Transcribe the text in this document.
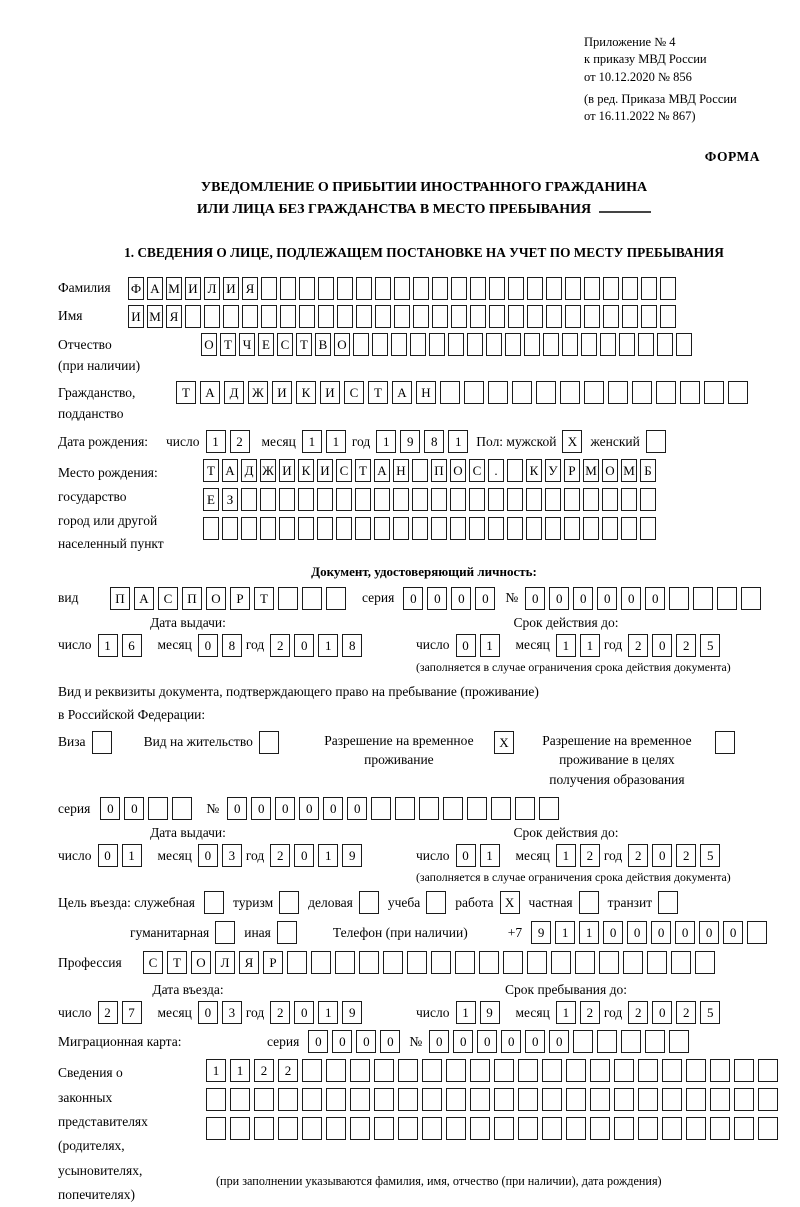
Приложение № 4
к приказу МВД России
от 10.12.2020 № 856
(в ред. Приказа МВД России
от 16.11.2022 № 867)
ФОРМА
УВЕДОМЛЕНИЕ О ПРИБЫТИИ ИНОСТРАННОГО ГРАЖДАНИНА
ИЛИ ЛИЦА БЕЗ ГРАЖДАНСТВА В МЕСТО ПРЕБЫВАНИЯ
1. СВЕДЕНИЯ О ЛИЦЕ, ПОДЛЕЖАЩЕМ ПОСТАНОВКЕ НА УЧЕТ ПО МЕСТУ ПРЕБЫВАНИЯ
Фамилия	Ф А М И Л И Я
Имя	И М Я
Отчество
(при наличии)
О Т Ч Е С Т В О
Гражданство,
подданство
Т	А	Д	Ж	И	К	И	С	Т	А	Н
Дата рождения:	число 1	2	месяц 1	1 год 1	9	8	1	Пол: мужской X женский
Место рождения:
государство
город или другой
населенный пункт
Т А Д Ж И К И С Т А Н П О С	.	К У Р М О М Б
Е З
Документ, удостоверяющий личность:
вид	П	А	С	П	О	Р	Т	серия	0	0	0	0	№	0	0	0	0	0	0
Дата выдачи:
число 1	6	месяц 0	8 год 2	0	1	8
Срок действия до:
число 0	1	месяц 1	1 год 2	0	2	5
(заполняется в случае ограничения срока действия документа)
Вид и реквизиты документа, подтверждающего право на пребывание (проживание)
в Российской Федерации:
Виза	Вид на жительство	Разрешение на временное проживание
X	Разрешение на временное проживание в целях получения образования
серия	0	0	№	0	0	0	0	0	0
Дата выдачи:
число 0	1	месяц 0	3 год 2	0	1	9
Срок действия до:
число 0	1	месяц 1	2 год 2	0	2	5
(заполняется в случае ограничения срока действия документа)
Цель въезда: служебная	туризм	деловая	учеба	работа X	частная	транзит
гуманитарная	иная	Телефон (при наличии)	+7	9	1	1	0	0	0	0	0	0
Профессия	С	Т	О	Л	Я	Р
Дата въезда:
число 2	7	месяц 0	3 год 2	0	1	9
Срок пребывания до:
число 1	9	месяц 1	2 год 2	0	2	5
Миграционная карта:	серия	0	0	0	0	№	0	0	0	0	0	0
Сведения о
законных
представителях
(родителях,
усыновителях,
попечителях)
1	1	2	2
(при заполнении указываются фамилия, имя, отчество (при наличии), дата рождения)
